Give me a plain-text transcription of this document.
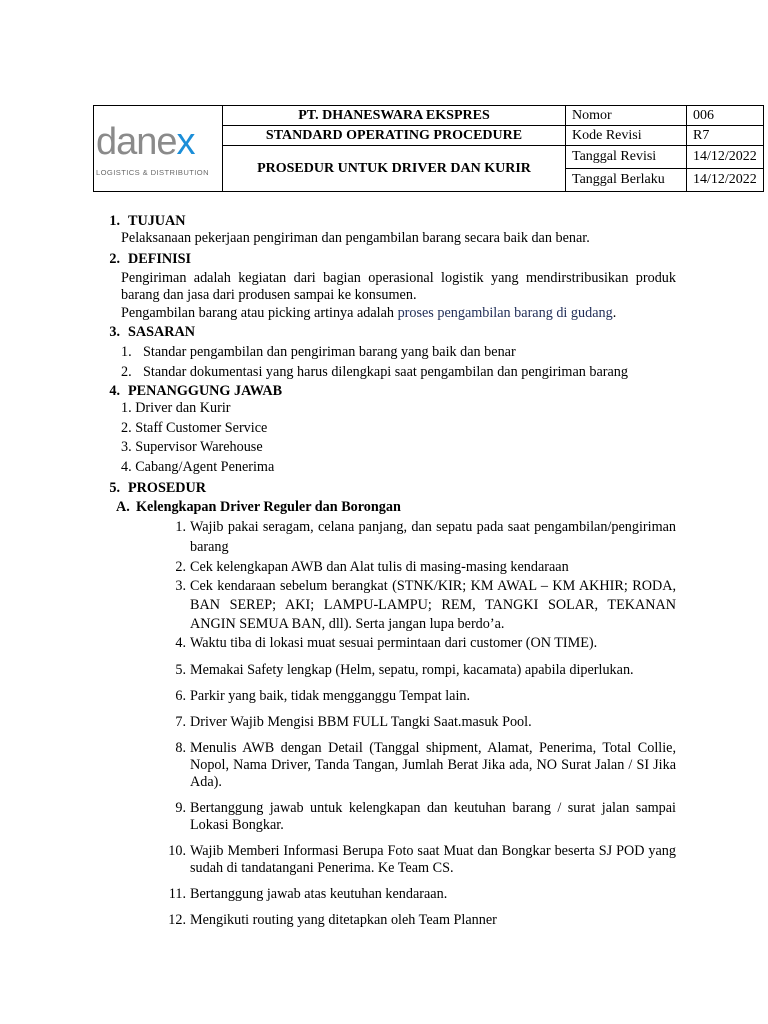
danex
LOGISTICS & DISTRIBUTION	PT. DHANESWARA EKSPRES	Nomor	006
	STANDARD OPERATING PROCEDURE	Kode Revisi	R7
	PROSEDUR UNTUK DRIVER DAN KURIR	Tanggal Revisi	14/12/2022
		Tanggal Berlaku	14/12/2022
1. TUJUAN
Pelaksanaan pekerjaan pengiriman dan pengambilan barang secara baik dan benar.
2. DEFINISI
Pengiriman adalah kegiatan dari bagian operasional logistik yang mendirstribusikan produk barang dan jasa dari produsen sampai ke konsumen.
Pengambilan barang atau picking artinya adalah proses pengambilan barang di gudang.
3. SASARAN
1. Standar pengambilan dan pengiriman barang yang baik dan benar
2. Standar dokumentasi yang harus dilengkapi saat pengambilan dan pengiriman barang
4. PENANGGUNG JAWAB
1. Driver dan Kurir
2. Staff Customer Service
3. Supervisor Warehouse
4. Cabang/Agent Penerima
5. PROSEDUR
A. Kelengkapan Driver Reguler dan Borongan
1. Wajib pakai seragam, celana panjang, dan sepatu pada saat pengambilan/pengiriman barang
2. Cek kelengkapan AWB dan Alat tulis di masing-masing kendaraan
3. Cek kendaraan sebelum berangkat (STNK/KIR; KM AWAL – KM AKHIR; RODA, BAN SEREP; AKI; LAMPU-LAMPU; REM, TANGKI SOLAR, TEKANAN ANGIN SEMUA BAN, dll). Serta jangan lupa berdo’a.
4. Waktu tiba di lokasi muat sesuai permintaan dari customer (ON TIME).
5. Memakai Safety lengkap (Helm, sepatu, rompi, kacamata) apabila diperlukan.
6. Parkir yang baik, tidak mengganggu Tempat lain.
7. Driver Wajib Mengisi BBM FULL Tangki Saat.masuk Pool.
8. Menulis AWB dengan Detail (Tanggal shipment, Alamat, Penerima, Total Collie, Nopol, Nama Driver, Tanda Tangan, Jumlah Berat Jika ada, NO Surat Jalan / SI Jika Ada).
9. Bertanggung jawab untuk kelengkapan dan keutuhan barang / surat jalan sampai Lokasi Bongkar.
10. Wajib Memberi Informasi Berupa Foto saat Muat dan Bongkar beserta SJ POD yang sudah di tandatangani Penerima. Ke Team CS.
11. Bertanggung jawab atas keutuhan kendaraan.
12. Mengikuti routing yang ditetapkan oleh Team Planner
